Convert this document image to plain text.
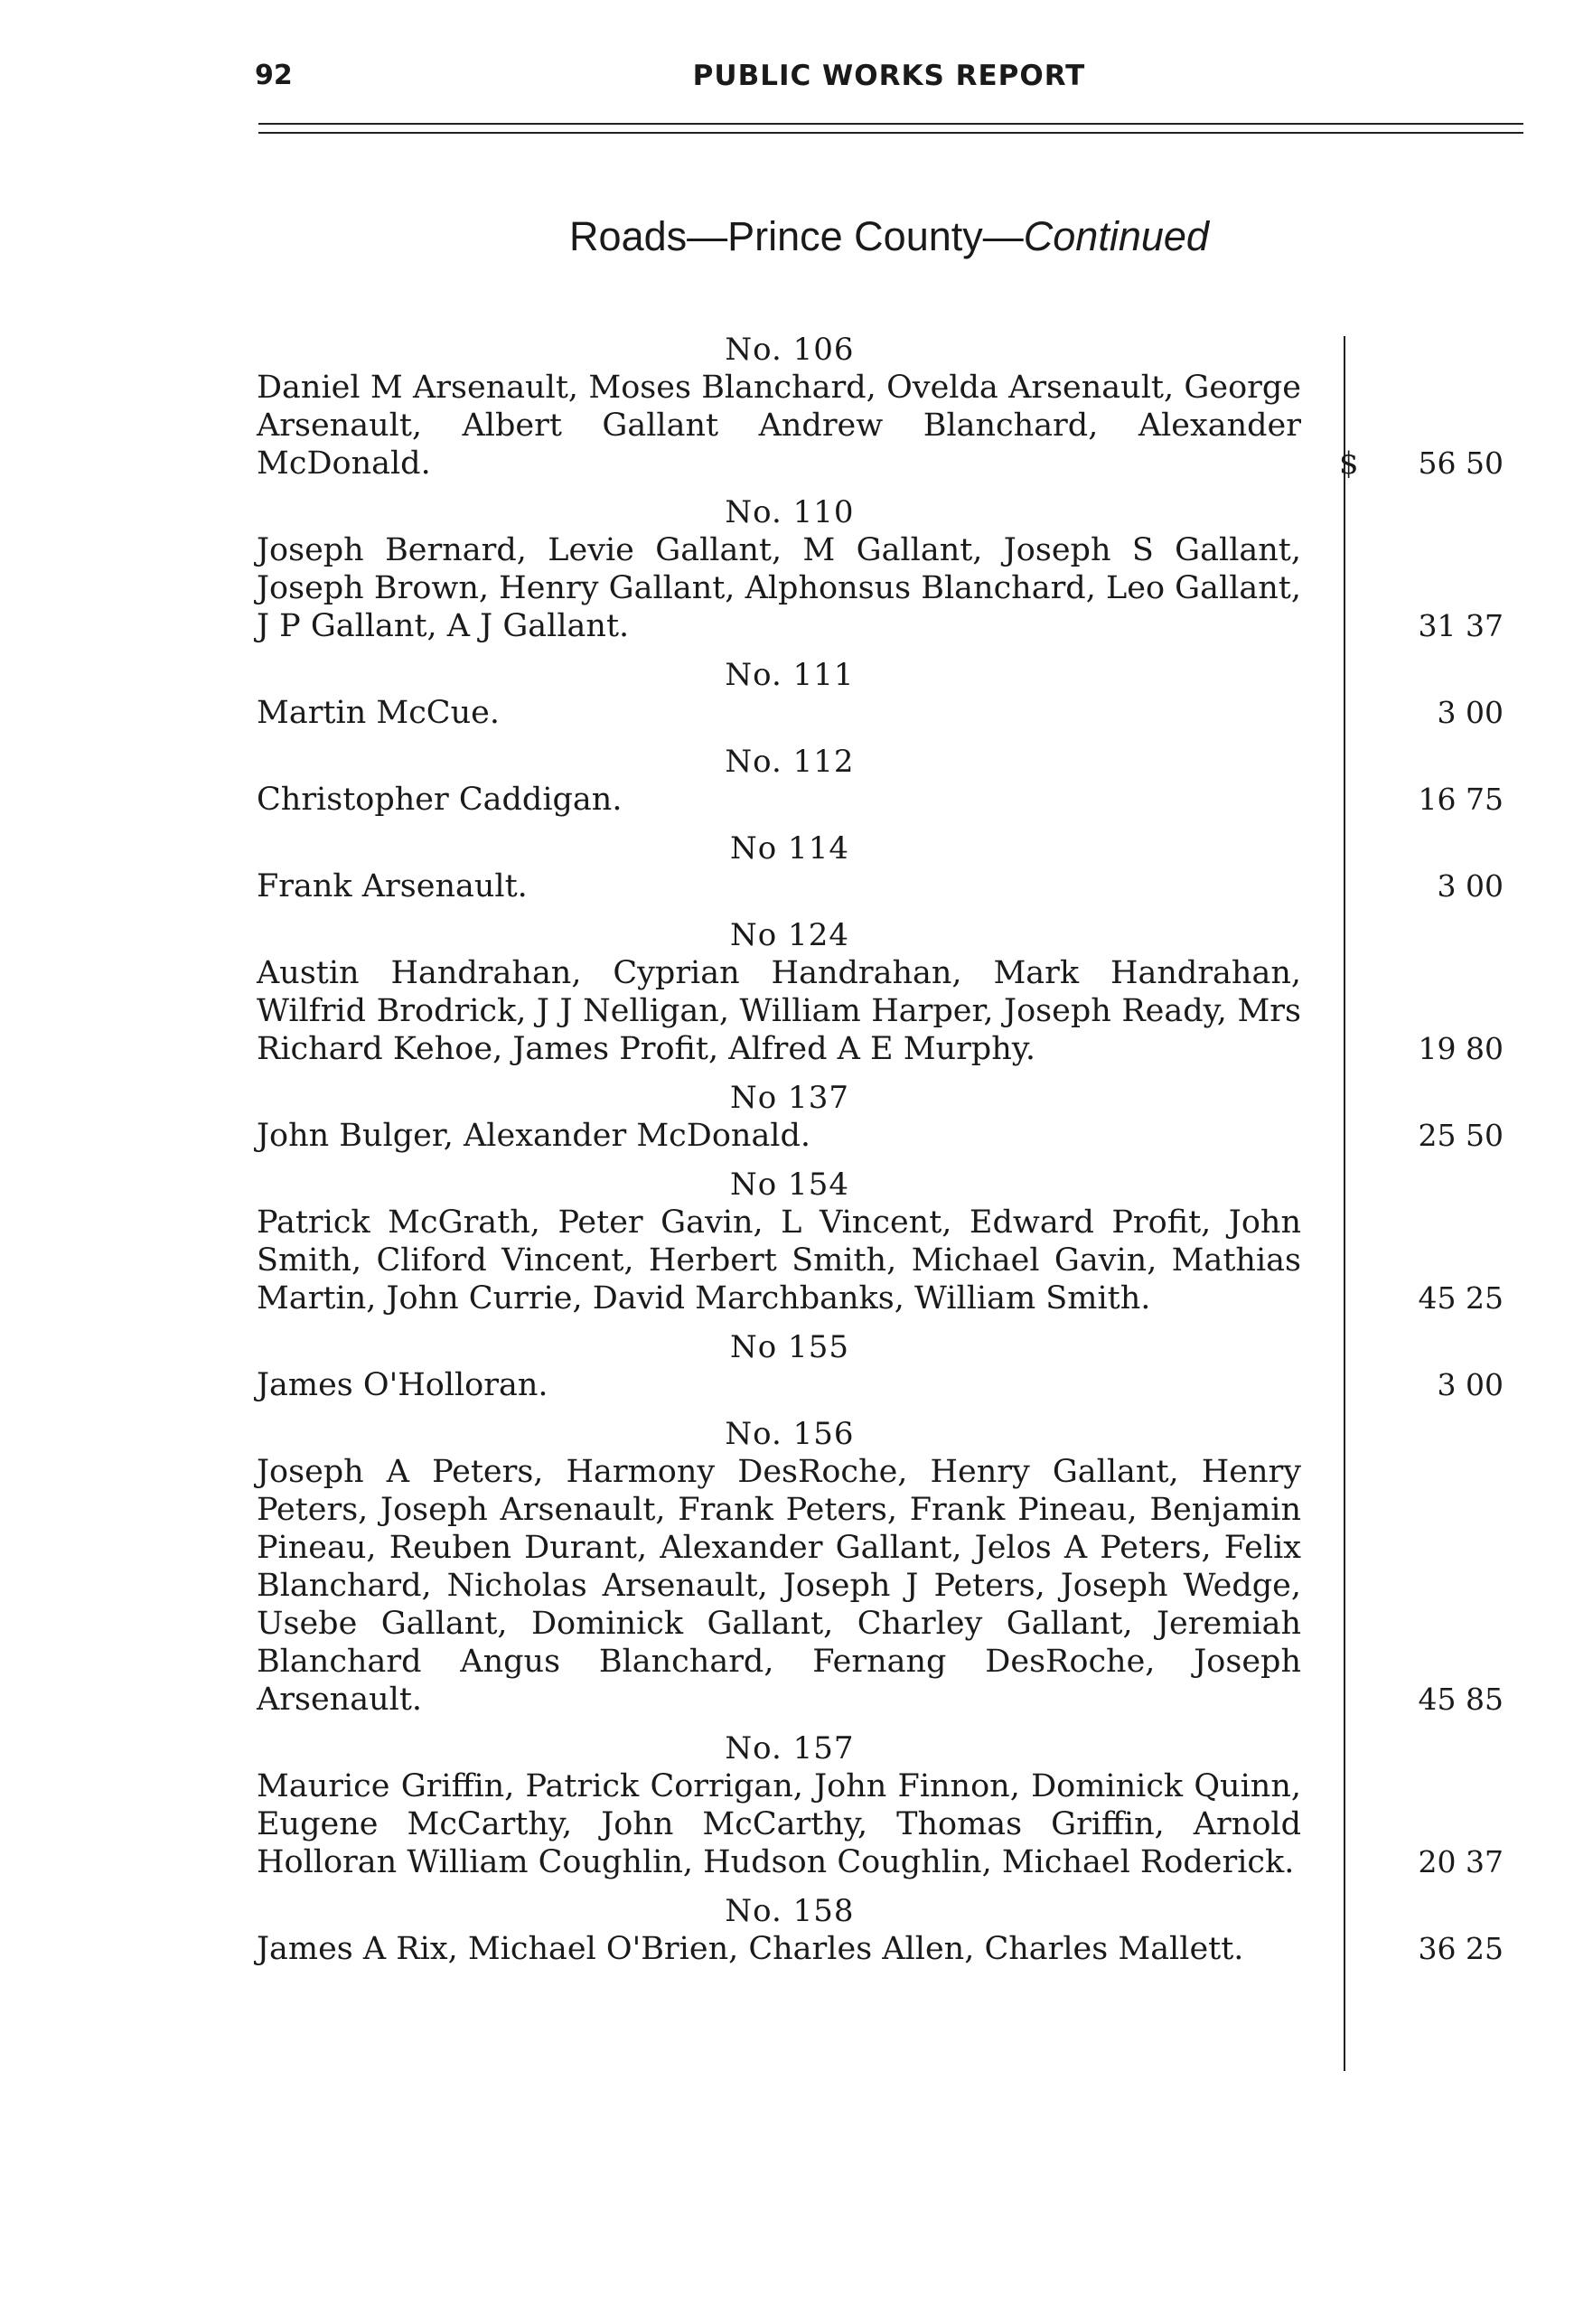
92	PUBLIC WORKS REPORT
Roads—Prince County—Continued
No. 106
Daniel M Arsenault, Moses Blanchard, Ovelda Arsenault, George Arsenault, Albert Gallant Andrew Blanchard, Alexander McDonald.	$ 56 50
No. 110
Joseph Bernard, Levie Gallant, M Gallant, Joseph S Gallant, Joseph Brown, Henry Gallant, Alphonsus Blanchard, Leo Gallant, J P Gallant, A J Gallant.	31 37
No. 111
Martin McCue.	3 00
No. 112
Christopher Caddigan.	16 75
No 114
Frank Arsenault.	3 00
No 124
Austin Handrahan, Cyprian Handrahan, Mark Handrahan, Wilfrid Brodrick, J J Nelligan, William Harper, Joseph Ready, Mrs Richard Kehoe, James Profit, Alfred A E Murphy.	19 80
No 137
John Bulger, Alexander McDonald.	25 50
No 154
Patrick McGrath, Peter Gavin, L Vincent, Edward Profit, John Smith, Cliford Vincent, Herbert Smith, Michael Gavin, Mathias Martin, John Currie, David Marchbanks, William Smith.	45 25
No 155
James O'Holloran.	3 00
No. 156
Joseph A Peters, Harmony DesRoche, Henry Gallant, Henry Peters, Joseph Arsenault, Frank Peters, Frank Pineau, Benjamin Pineau, Reuben Durant, Alexander Gallant, Jelos A Peters, Felix Blanchard, Nicholas Arsenault, Joseph J Peters, Joseph Wedge, Usebe Gallant, Dominick Gallant, Charley Gallant, Jeremiah Blanchard Angus Blanchard, Fernang DesRoche, Joseph Arsenault.	45 85
No. 157
Maurice Griffin, Patrick Corrigan, John Finnon, Dominick Quinn, Eugene McCarthy, John McCarthy, Thomas Griffin, Arnold Holloran William Coughlin, Hudson Coughlin, Michael Roderick.	20 37
No. 158
James A Rix, Michael O'Brien, Charles Allen, Charles Mallett.	36 25
